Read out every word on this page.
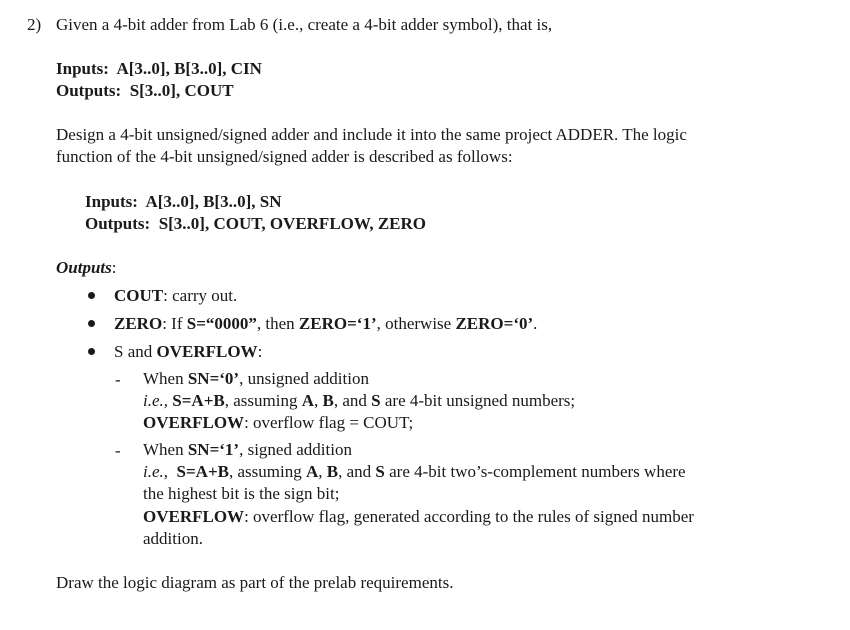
2) Given a 4-bit adder from Lab 6 (i.e., create a 4-bit adder symbol), that is,
Inputs: A[3..0], B[3..0], CIN
Outputs: S[3..0], COUT
Design a 4-bit unsigned/signed adder and include it into the same project ADDER. The logic
function of the 4-bit unsigned/signed adder is described as follows:
Inputs: A[3..0], B[3..0], SN
Outputs: S[3..0], COUT, OVERFLOW, ZERO
Outputs:
COUT: carry out.
ZERO: If S=“0000”, then ZERO=‘1’, otherwise ZERO=‘0’.
S and OVERFLOW:
- When SN=‘0’, unsigned addition
i.e., S=A+B, assuming A, B, and S are 4-bit unsigned numbers;
OVERFLOW: overflow flag = COUT;
- When SN=‘1’, signed addition
i.e., S=A+B, assuming A, B, and S are 4-bit two’s-complement numbers where
the highest bit is the sign bit;
OVERFLOW: overflow flag, generated according to the rules of signed number
addition.
Draw the logic diagram as part of the prelab requirements.
